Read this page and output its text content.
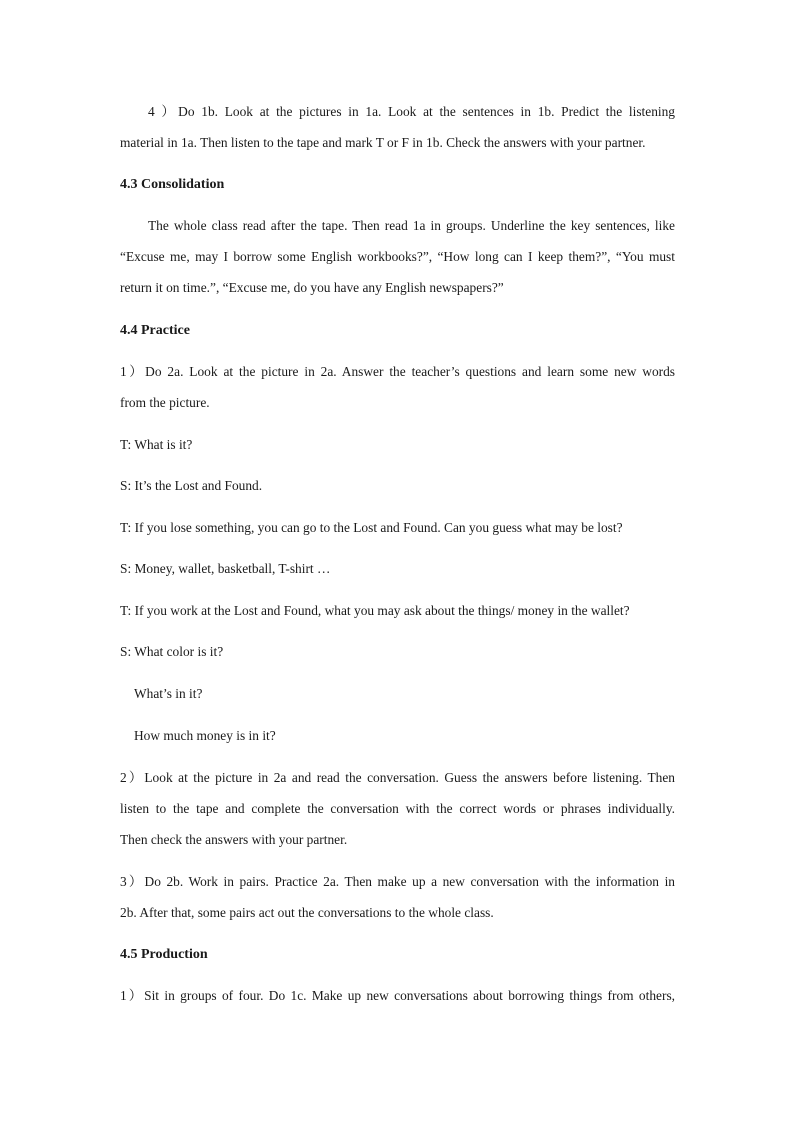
4 ）Do 1b. Look at the pictures in 1a. Look at the sentences in 1b. Predict the listening

material in 1a. Then listen to the tape and mark T or F in 1b. Check the answers with your partner.

4.3 Consolidation

The whole class read after the tape. Then read 1a in groups. Underline the key sentences, like

“Excuse me, may I borrow some English workbooks?”, “How long can I keep them?”, “You must

return it on time.”, “Excuse me, do you have any English newspapers?”

4.4 Practice

1）Do 2a. Look at the picture in 2a. Answer the teacher’s questions and learn some new words

from the picture.

T: What is it?

S: It’s the Lost and Found.

T: If you lose something, you can go to the Lost and Found. Can you guess what may be lost?

S: Money, wallet, basketball, T-shirt …

T: If you work at the Lost and Found, what you may ask about the things/ money in the wallet?

S: What color is it?

What’s in it?

How much money is in it?

2）Look at the picture in 2a and read the conversation. Guess the answers before listening. Then

listen to the tape and complete the conversation with the correct words or phrases individually.

Then check the answers with your partner.

3）Do 2b. Work in pairs. Practice 2a. Then make up a new conversation with the information in

2b. After that, some pairs act out the conversations to the whole class.

4.5 Production

1）Sit in groups of four. Do 1c. Make up new conversations about borrowing things from others,
